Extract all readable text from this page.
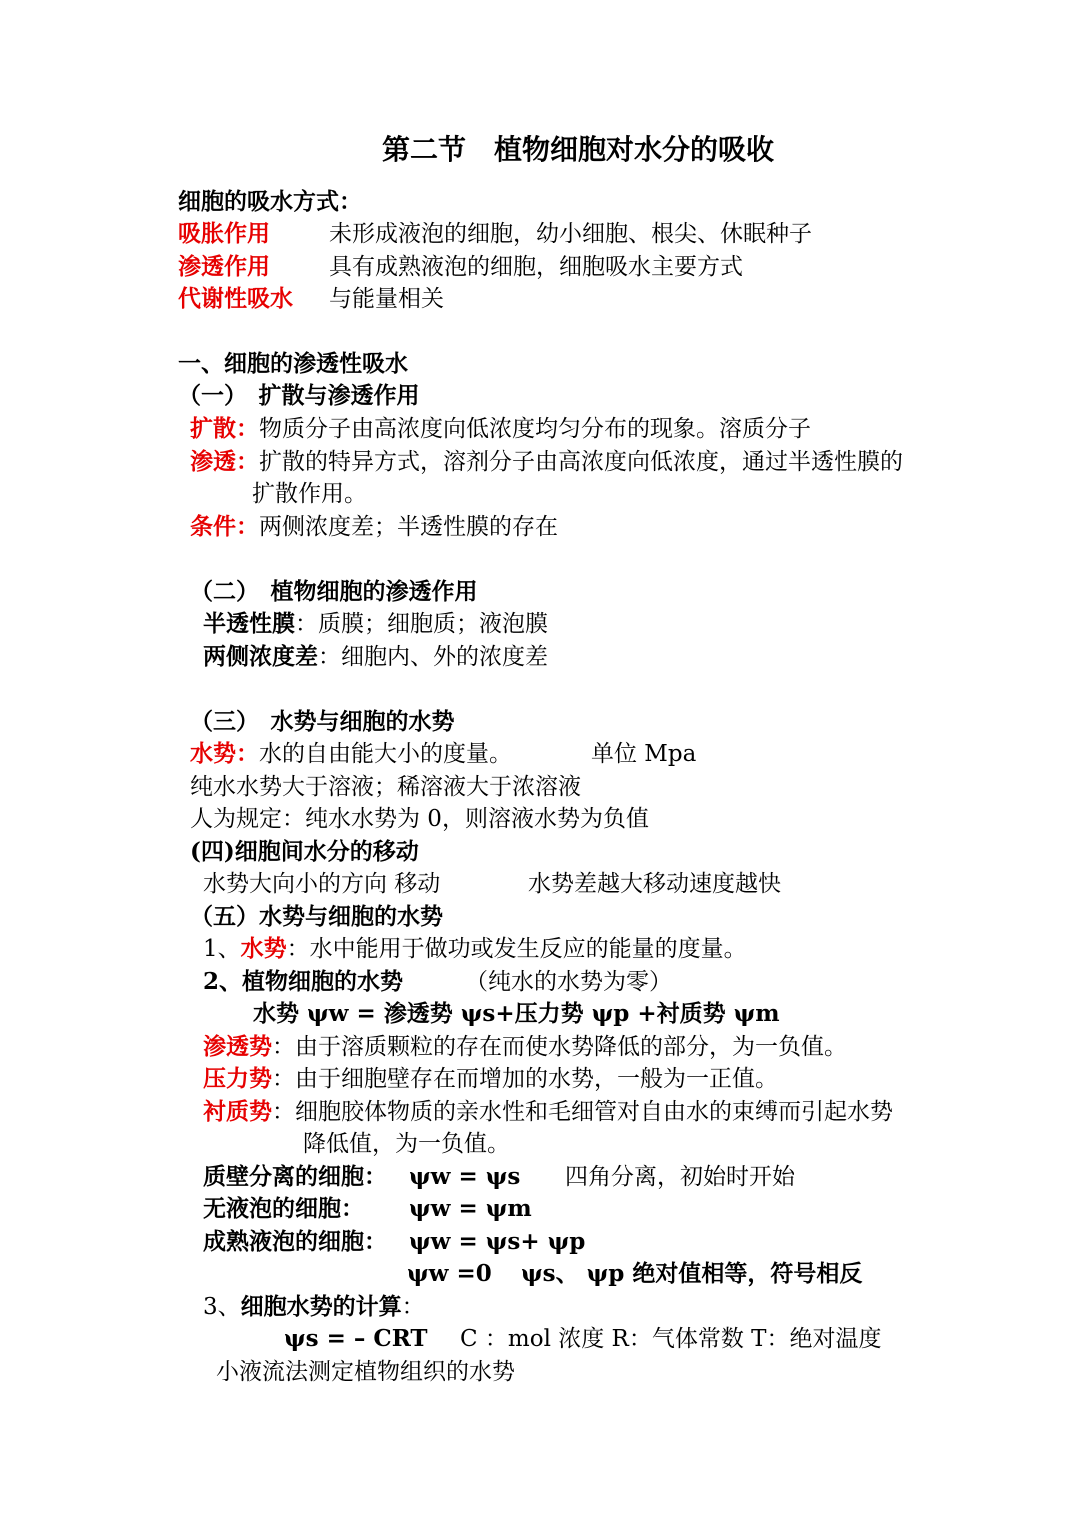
第二节　植物细胞对水分的吸收
细胞的吸水方式：
吸胀作用	未形成液泡的细胞，幼小细胞、根尖、休眠种子
渗透作用	具有成熟液泡的细胞，细胞吸水主要方式
代谢性吸水 与能量相关
一、细胞的渗透性吸水
（一）　扩散与渗透作用
扩散：物质分子由高浓度向低浓度均匀分布的现象。溶质分子
渗透：扩散的特异方式，溶剂分子由高浓度向低浓度，通过半透性膜的
扩散作用。
条件：两侧浓度差；半透性膜的存在
（二）　植物细胞的渗透作用
半透性膜：质膜；细胞质；液泡膜
两侧浓度差：细胞内、外的浓度差
（三）　水势与细胞的水势
水势：水的自由能大小的度量。	单位 Mpa
纯水水势大于溶液；稀溶液大于浓溶液
人为规定：纯水水势为 0，则溶液水势为负值
(四)细胞间水分的移动
水势大向小的方向 移动	水势差越大移动速度越快
（五）水势与细胞的水势
1、水势：水中能用于做功或发生反应的能量的度量。
2、植物细胞的水势	（纯水的水势为零）
水势 ψw = 渗透势 ψs+压力势 ψp +衬质势 ψm
渗透势：由于溶质颗粒的存在而使水势降低的部分，为一负值。
压力势：由于细胞壁存在而增加的水势，一般为一正值。
衬质势：细胞胶体物质的亲水性和毛细管对自由水的束缚而引起水势
降低值，为一负值。
质壁分离的细胞： ψw = ψs 四角分离，初始时开始
无液泡的细胞： ψw = ψm
成熟液泡的细胞： ψw = ψs+ ψp
ψw =0 ψs、 ψp 绝对值相等，符号相反
3、细胞水势的计算：
ψs = – CRT C ：mol 浓度 R：气体常数 T：绝对温度
小液流法测定植物组织的水势
